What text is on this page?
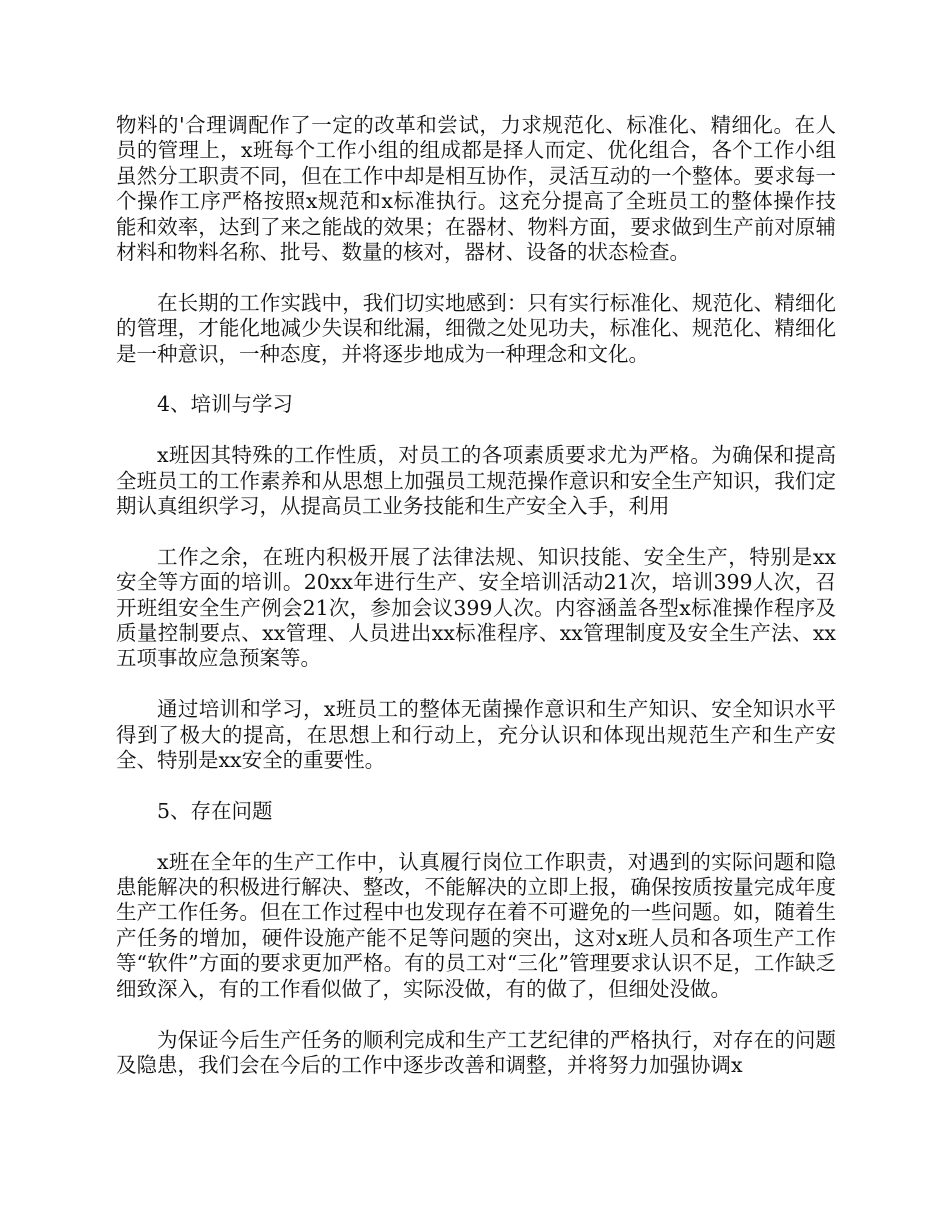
物料的'合理调配作了一定的改革和尝试，力求规范化、标准化、精细化。在人员的管理上，x班每个工作小组的组成都是择人而定、优化组合，各个工作小组虽然分工职责不同，但在工作中却是相互协作，灵活互动的一个整体。要求每一个操作工序严格按照x规范和x标准执行。这充分提高了全班员工的整体操作技能和效率，达到了来之能战的效果；在器材、物料方面，要求做到生产前对原辅材料和物料名称、批号、数量的核对，器材、设备的状态检查。

在长期的工作实践中，我们切实地感到：只有实行标准化、规范化、精细化的管理，才能化地减少失误和纰漏，细微之处见功夫，标准化、规范化、精细化是一种意识，一种态度，并将逐步地成为一种理念和文化。

4、培训与学习

x班因其特殊的工作性质，对员工的各项素质要求尤为严格。为确保和提高全班员工的工作素养和从思想上加强员工规范操作意识和安全生产知识，我们定期认真组织学习，从提高员工业务技能和生产安全入手，利用

工作之余，在班内积极开展了法律法规、知识技能、安全生产，特别是xx安全等方面的培训。20xx年进行生产、安全培训活动21次，培训399人次，召开班组安全生产例会21次，参加会议399人次。内容涵盖各型x标准操作程序及质量控制要点、xx管理、人员进出xx标准程序、xx管理制度及安全生产法、xx五项事故应急预案等。

通过培训和学习，x班员工的整体无菌操作意识和生产知识、安全知识水平得到了极大的提高，在思想上和行动上，充分认识和体现出规范生产和生产安全、特别是xx安全的重要性。

5、存在问题

x班在全年的生产工作中，认真履行岗位工作职责，对遇到的实际问题和隐患能解决的积极进行解决、整改，不能解决的立即上报，确保按质按量完成年度生产工作任务。但在工作过程中也发现存在着不可避免的一些问题。如，随着生产任务的增加，硬件设施产能不足等问题的突出，这对x班人员和各项生产工作等“软件”方面的要求更加严格。有的员工对“三化”管理要求认识不足，工作缺乏细致深入，有的工作看似做了，实际没做，有的做了，但细处没做。

为保证今后生产任务的顺利完成和生产工艺纪律的严格执行，对存在的问题及隐患，我们会在今后的工作中逐步改善和调整，并将努力加强协调x
